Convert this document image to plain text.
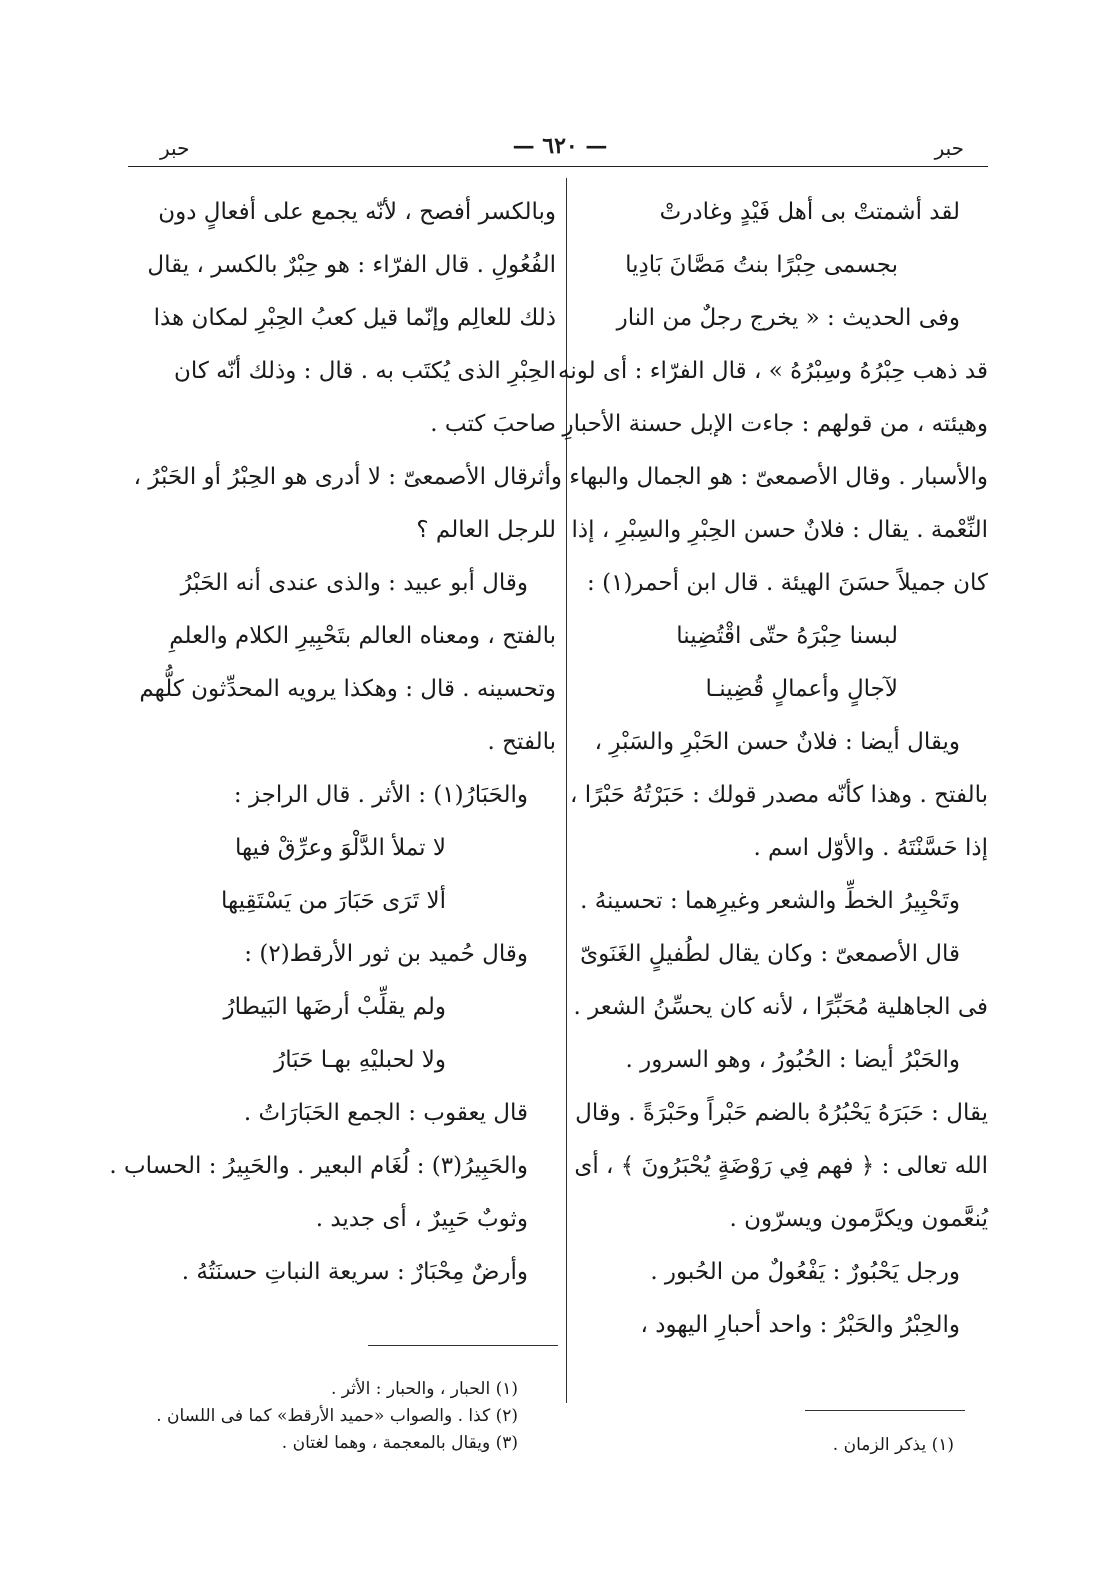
حبر
— ٦٢٠ —
حبر
لقد أشمتتْ بى أهل فَيْدٍ وغادرتْ
بجسمى حِبْرًا بنتُ مَصَّانَ بَادِيا
وفى الحديث : « يخرج رجلٌ من النار
قد ذهب حِبْرُهُ وسِبْرُهُ » ، قال الفرّاء : أى لونه
وهيئته ، من قولهم : جاءت الإبل حسنة الأحبارِ
والأسبار . وقال الأصمعىّ : هو الجمال والبهاء وأثر
النِّعْمة . يقال : فلانٌ حسن الحِبْرِ والسِبْرِ ، إذا
كان جميلاً حسَنَ الهيئة . قال ابن أحمر(١) :
لبسنا حِبْرَهُ حتّى اقْتُضِينا
لآجالٍ وأعمالٍ قُضِينـا
ويقال أيضا : فلانٌ حسن الحَبْرِ والسَبْرِ ،
بالفتح . وهذا كأنّه مصدر قولك : حَبَرْتُهُ حَبْرًا ،
إذا حَسَّنْتَهُ . والأوّل اسم .
وتَحْبِيرُ الخطِّ والشعر وغيرِهما : تحسينهُ .
قال الأصمعىّ : وكان يقال لطُفيلٍ الغَنَوىّ
فى الجاهلية مُحَبِّرًا ، لأنه كان يحسِّنُ الشعر .
والحَبْرُ أيضا : الحُبُورُ ، وهو السرور .
يقال : حَبَرَهُ يَحْبُرُهُ بالضم حَبْراً وحَبْرَةً . وقال
الله تعالى : ﴿ فهم فِي رَوْضَةٍ يُحْبَرُونَ ﴾ ، أى
يُنعَّمون ويكرَّمون ويسرّون .
ورجل يَحْبُورٌ : يَفْعُولٌ من الحُبور .
والحِبْرُ والحَبْرُ : واحد أحبارِ اليهود ،
وبالكسر أفصح ، لأنّه يجمع على أفعالٍ دون
الفُعُولِ . قال الفرّاء : هو حِبْرٌ بالكسر ، يقال
ذلك للعالِم وإنّما قيل كعبُ الحِبْرِ لمكان هذا
الحِبْرِ الذى يُكتَب به . قال : وذلك أنّه كان
صاحبَ كتب .
قال الأصمعىّ : لا أدرى هو الحِبْرُ أو الحَبْرُ ،
للرجل العالم ؟
وقال أبو عبيد : والذى عندى أنه الحَبْرُ
بالفتح ، ومعناه العالم بتَحْبِيرِ الكلام والعلمِ
وتحسينه . قال : وهكذا يرويه المحدِّثون كلُّهم
بالفتح .
والحَبَارُ(١) : الأثر . قال الراجز :
لا تملأ الدَّلْوَ وعرِّقْ فيها
ألا تَرَى حَبَارَ من يَسْتَقِيها
وقال حُميد بن ثور الأرقط(٢) :
ولم يقلِّبْ أرضَها البَيطارُ
ولا لحبليْهِ بهـا حَبَارُ
قال يعقوب : الجمع الحَبَارَاتُ .
والحَبِيرُ(٣) : لُغَام البعير . والحَبِيرُ : الحساب .
وثوبٌ حَبِيرٌ ، أى جديد .
وأرضٌ مِحْبَارٌ : سريعة النباتِ حسنَتُهُ .
(١) الحبار ، والحبار : الأثر .
(٢) كذا . والصواب «حميد الأرقط» كما فى اللسان .
(٣) ويقال بالمعجمة ، وهما لغتان .	(١) يذكر الزمان .
